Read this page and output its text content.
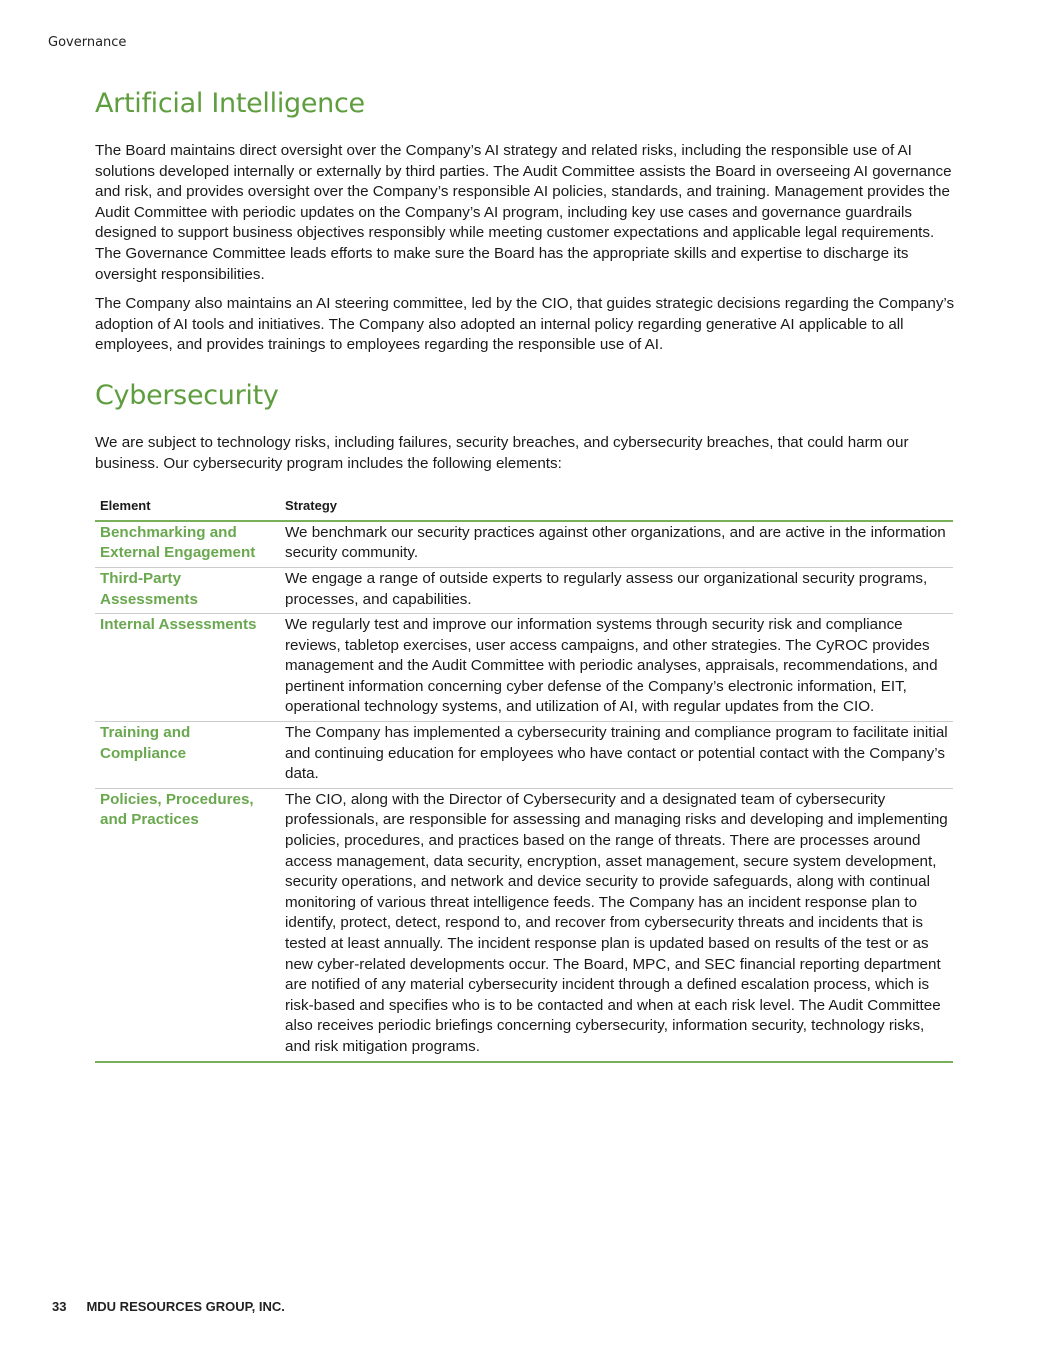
Governance
Artificial Intelligence

The Board maintains direct oversight over the Company’s AI strategy and related risks, including the responsible use of AI solutions developed internally or externally by third parties. The Audit Committee assists the Board in overseeing AI governance and risk, and provides oversight over the Company’s responsible AI policies, standards, and training. Management provides the Audit Committee with periodic updates on the Company’s AI program, including key use cases and governance guardrails designed to support business objectives responsibly while meeting customer expectations and applicable legal requirements. The Governance Committee leads efforts to make sure the Board has the appropriate skills and expertise to discharge its oversight responsibilities.

The Company also maintains an AI steering committee, led by the CIO, that guides strategic decisions regarding the Company’s adoption of AI tools and initiatives. The Company also adopted an internal policy regarding generative AI applicable to all employees, and provides trainings to employees regarding the responsible use of AI.

Cybersecurity

We are subject to technology risks, including failures, security breaches, and cybersecurity breaches, that could harm our business. Our cybersecurity program includes the following elements:

Element	Strategy
Benchmarking and External Engagement	We benchmark our security practices against other organizations, and are active in the information security community.
Third-Party Assessments	We engage a range of outside experts to regularly assess our organizational security programs, processes, and capabilities.
Internal Assessments	We regularly test and improve our information systems through security risk and compliance reviews, tabletop exercises, user access campaigns, and other strategies. The CyROC provides management and the Audit Committee with periodic analyses, appraisals, recommendations, and pertinent information concerning cyber defense of the Company’s electronic information, EIT, operational technology systems, and utilization of AI, with regular updates from the CIO.
Training and Compliance	The Company has implemented a cybersecurity training and compliance program to facilitate initial and continuing education for employees who have contact or potential contact with the Company’s data.
Policies, Procedures, and Practices	The CIO, along with the Director of Cybersecurity and a designated team of cybersecurity professionals, are responsible for assessing and managing risks and developing and implementing policies, procedures, and practices based on the range of threats. There are processes around access management, data security, encryption, asset management, secure system development, security operations, and network and device security to provide safeguards, along with continual monitoring of various threat intelligence feeds. The Company has an incident response plan to identify, protect, detect, respond to, and recover from cybersecurity threats and incidents that is tested at least annually. The incident response plan is updated based on results of the test or as new cyber-related developments occur. The Board, MPC, and SEC financial reporting department are notified of any material cybersecurity incident through a defined escalation process, which is risk-based and specifies who is to be contacted and when at each risk level. The Audit Committee also receives periodic briefings concerning cybersecurity, information security, technology risks, and risk mitigation programs.
33 MDU RESOURCES GROUP, INC.
